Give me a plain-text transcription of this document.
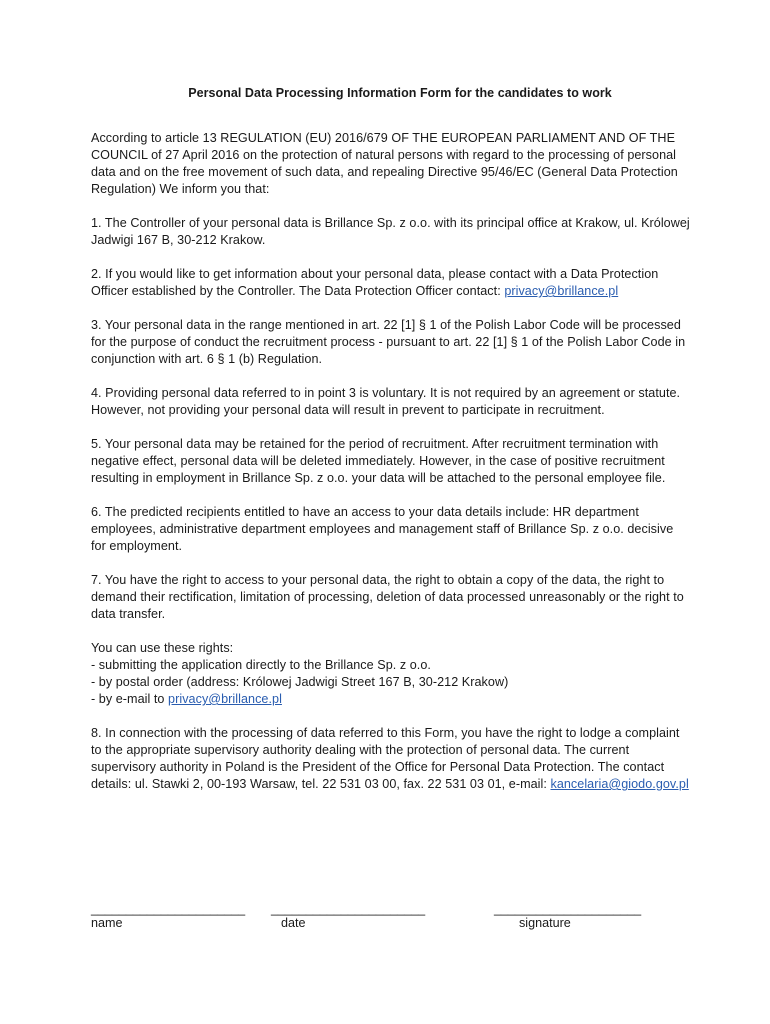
Personal Data Processing Information Form for the candidates to work

According to article 13 REGULATION (EU) 2016/679 OF THE EUROPEAN PARLIAMENT AND OF THE COUNCIL of 27 April 2016 on the protection of natural persons with regard to the processing of personal data and on the free movement of such data, and repealing Directive 95/46/EC (General Data Protection Regulation) We inform you that:

1. The Controller of your personal data is Brillance Sp. z o.o. with its principal office at Krakow, ul. Królowej Jadwigi 167 B, 30-212 Krakow.

2. If you would like to get information about your personal data, please contact with a Data Protection Officer established by the Controller. The Data Protection Officer contact: privacy@brillance.pl

3. Your personal data in the range mentioned in art. 22 [1] § 1 of the Polish Labor Code will be processed for the purpose of conduct the recruitment process - pursuant to art. 22 [1] § 1 of the Polish Labor Code in conjunction with art. 6 § 1 (b) Regulation.

4. Providing personal data referred to in point 3 is voluntary. It is not required by an agreement or statute. However, not providing your personal data will result in prevent to participate in recruitment.

5. Your personal data may be retained for the period of recruitment. After recruitment termination with negative effect, personal data will be deleted immediately. However, in the case of positive recruitment resulting in employment in Brillance Sp. z o.o. your data will be attached to the personal employee file.

6. The predicted recipients entitled to have an access to your data details include: HR department employees, administrative department employees and management staff of Brillance Sp. z o.o. decisive for employment.

7. You have the right to access to your personal data, the right to obtain a copy of the data, the right to demand their rectification, limitation of processing, deletion of data processed unreasonably or the right to data transfer.

You can use these rights:

- submitting the application directly to the Brillance Sp. z o.o.

- by postal order (address: Królowej Jadwigi Street 167 B, 30-212 Krakow)

- by e-mail to privacy@brillance.pl

8. In connection with the processing of data referred to this Form, you have the right to lodge a complaint to the appropriate supervisory authority dealing with the protection of personal data. The current supervisory authority in Poland is the President of the Office for Personal Data Protection. The contact details: ul. Stawki 2, 00-193 Warsaw, tel. 22 531 03 00, fax. 22 531 03 01, e-mail: kancelaria@giodo.gov.pl

______________________ ______________________	_____________________
name	date	signature
